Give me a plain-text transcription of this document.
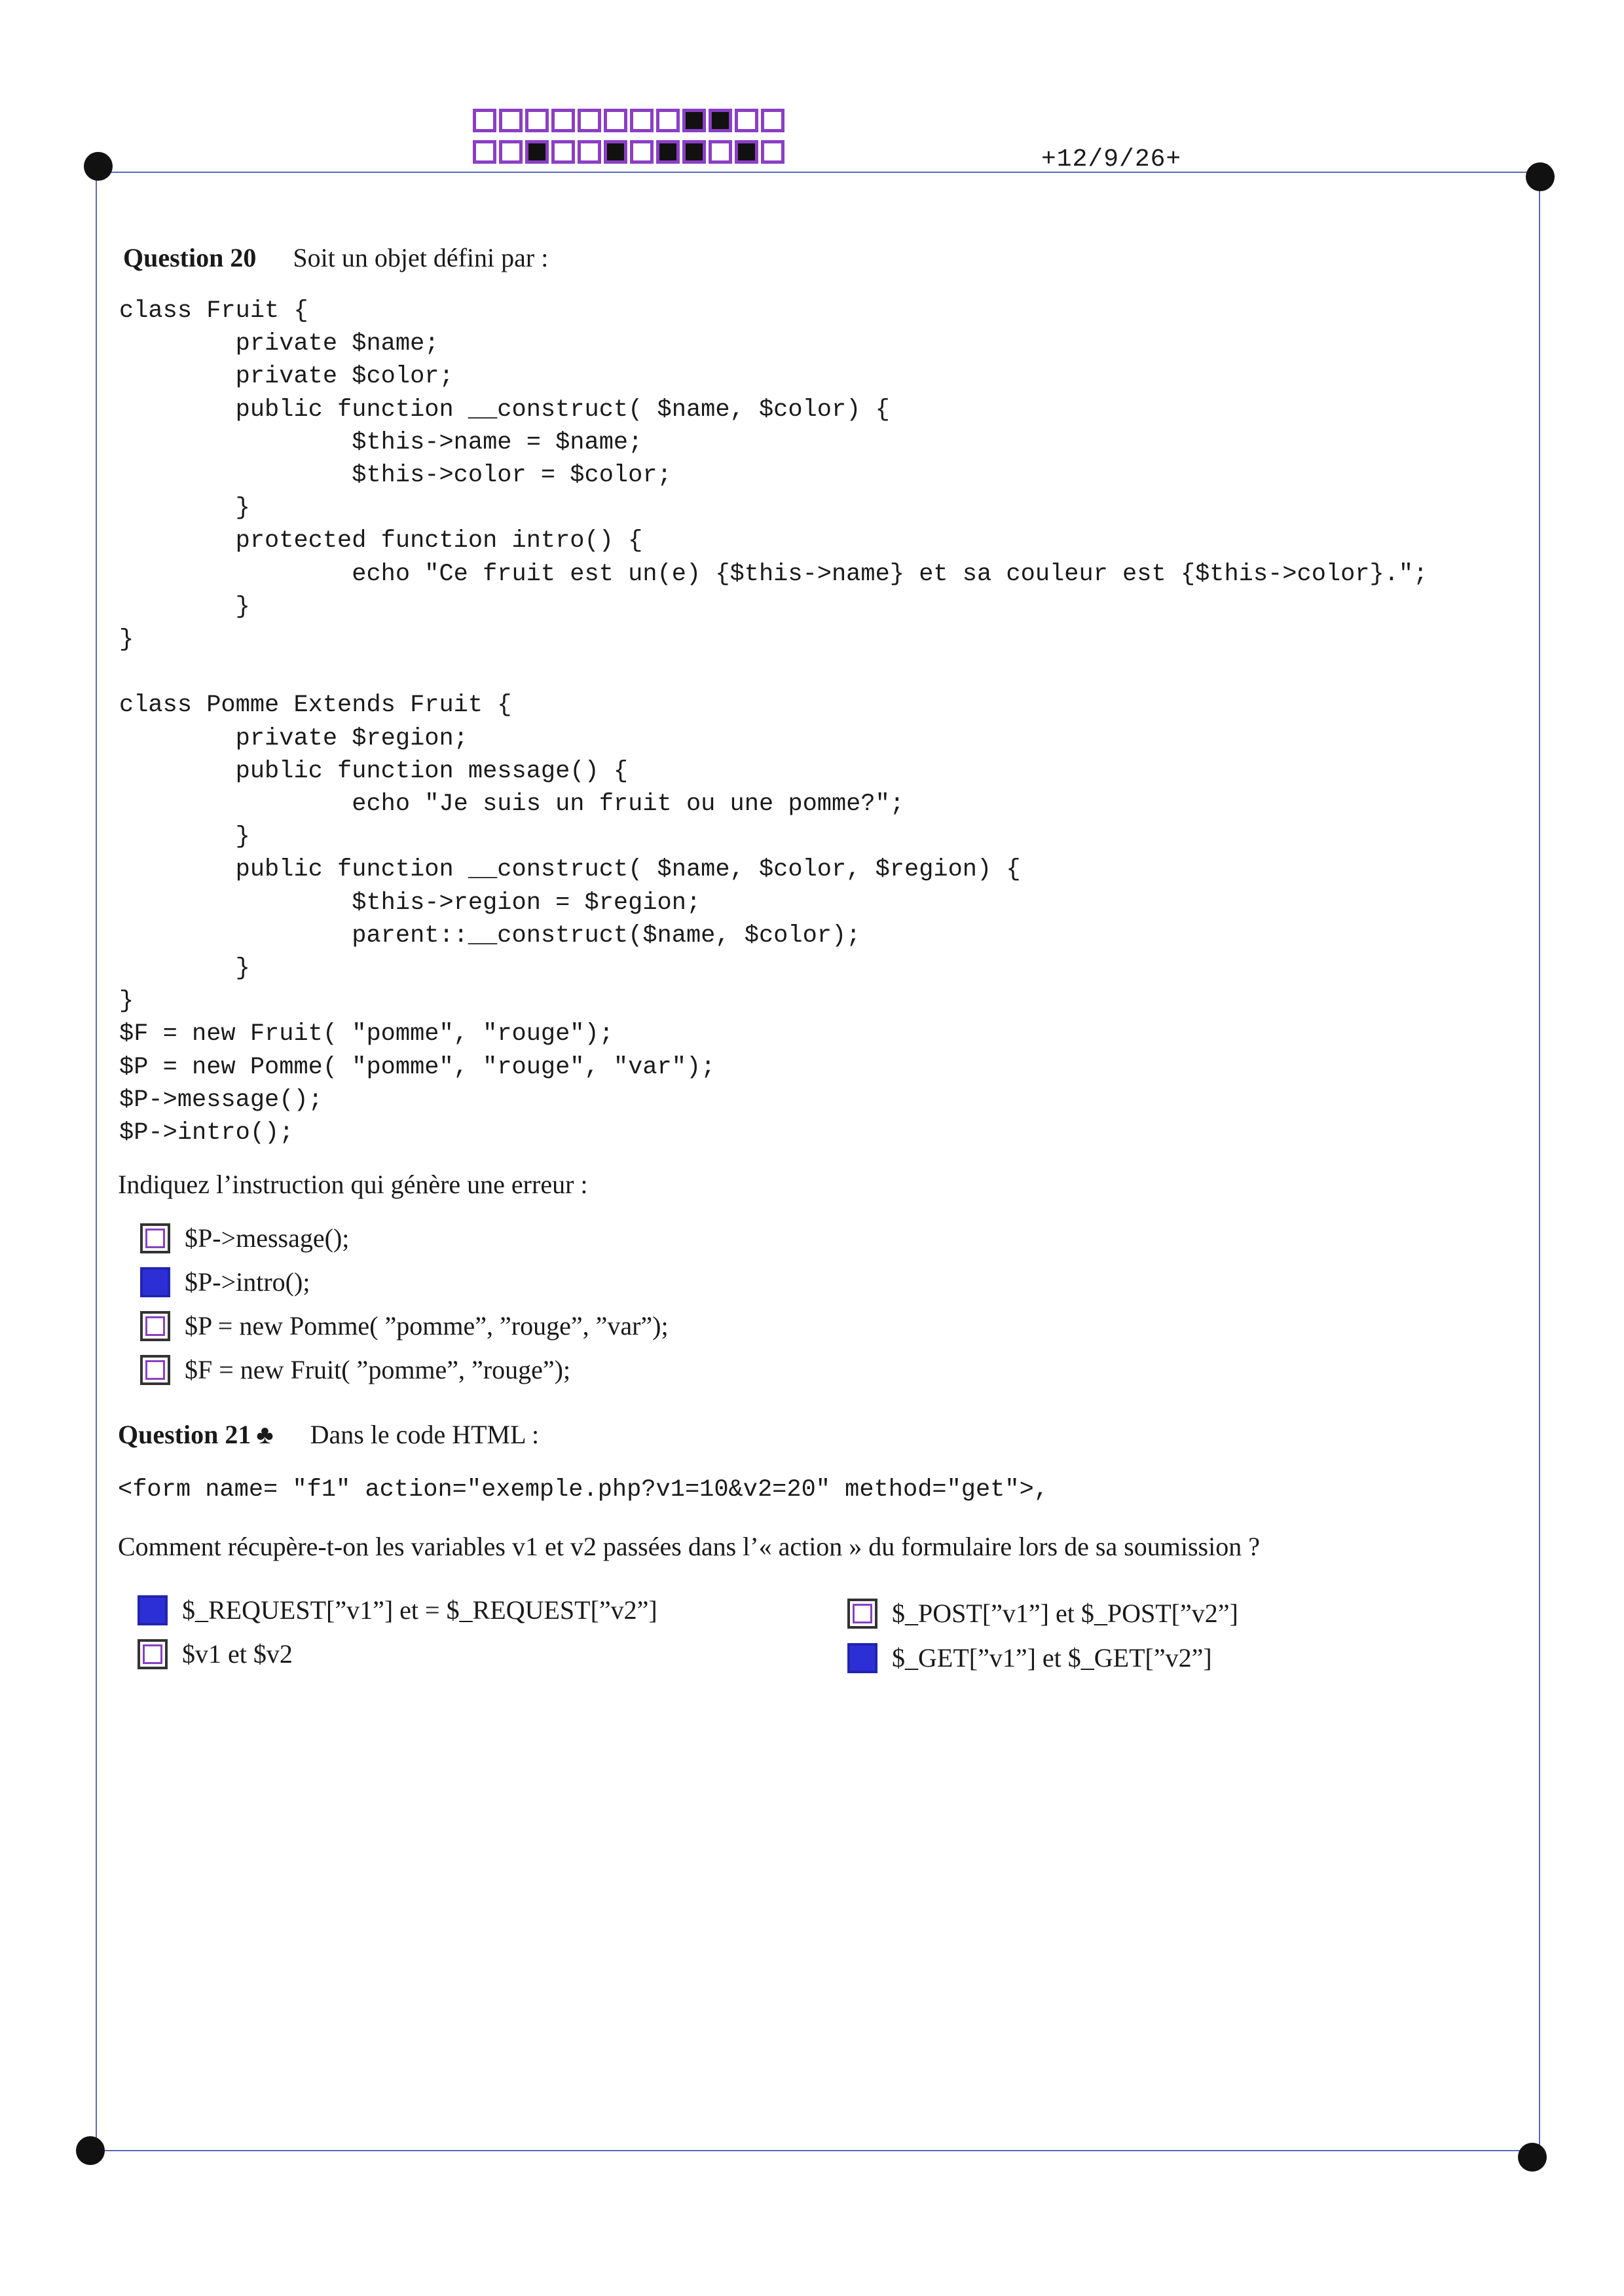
+12/9/26+
Question 20 Soit un objet défini par :
class Fruit {
private $name;
private $color;
public function __construct( $name, $color) {
$this->name = $name;
$this->color = $color;
}
protected function intro() {
echo "Ce fruit est un(e) {$this->name} et sa couleur est {$this->color}.";
}
}

class Pomme Extends Fruit {
private $region;
public function message() {
echo "Je suis un fruit ou une pomme?";
}
public function __construct( $name, $color, $region) {
$this->region = $region;
parent::__construct($name, $color);
}
}
$F = new Fruit( "pomme", "rouge");
$P = new Pomme( "pomme", "rouge", "var");
$P->message();
$P->intro();
Indiquez l’instruction qui génère une erreur :
$P->message();
$P->intro();
$P = new Pomme( ”pomme”, ”rouge”, ”var”);
$F = new Fruit( ”pomme”, ”rouge”);
Question 21 ♣ Dans le code HTML :
<form name= "f1" action="exemple.php?v1=10&v2=20" method="get">,
Comment récupère-t-on les variables v1 et v2 passées dans l’« action » du formulaire lors de sa soumission ?
$_REQUEST[”v1”] et = $_REQUEST[”v2”]
$v1 et $v2
$_POST[”v1”] et $_POST[”v2”]
$_GET[”v1”] et $_GET[”v2”]
